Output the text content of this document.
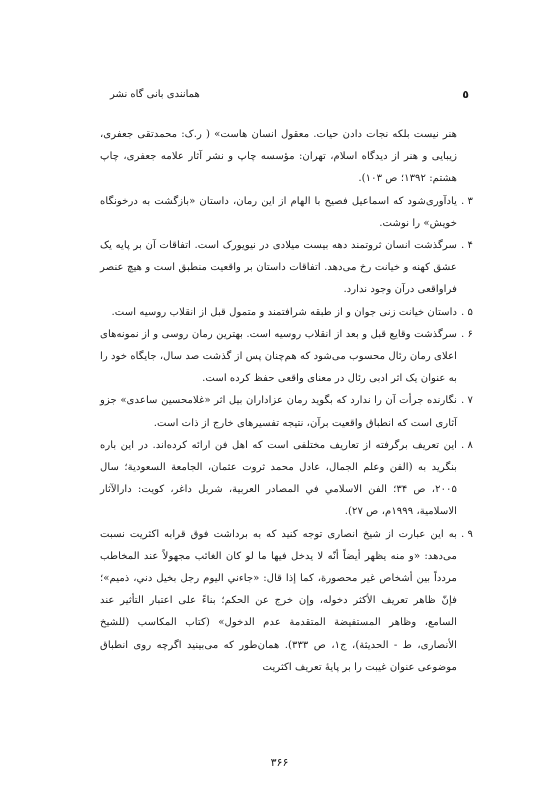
٥
همانندی بانی گاه نشر

هنر نیست بلکه نجات دادن حیات. معقول انسان هاست» ( ر.ک: محمدتقی جعفری، زیبایی و هنر از دیدگاه اسلام، تهران: مؤسسه چاپ و نشر آثار علامه جعفری، چاپ هشتم: ۱۳۹۲؛ ص ۱۰۳).

۳ .
یادآوری‌شود که اسماعیل فصیح با الهام از این رمان، داستان «بازگشت به درخونگاه خویش» را نوشت.

۴ .
سرگذشت انسان ثروتمند دهه بیست میلادی در نیویورک است. اتفاقات آن بر پایه یک عشق کهنه و خیانت رخ می‌دهد. اتفاقات داستان بر واقعیت منطبق است و هیچ عنصر فراواقعی درآن وجود ندارد.

۵ .
داستان خیانت زنی جوان و از طبقه شرافتمند و متمول قبل از انقلاب روسیه است.

۶ .
سرگذشت وقایع قبل و بعد از انقلاب روسیه است. بهترین رمان روسی و از نمونه‌های اعلای رمان رئال محسوب می‌شود که هم‌چنان پس از گذشت صد سال، جایگاه خود را به عنوان یک اثر ادبی رئال در معنای واقعی حفظ کرده است.

۷ .
نگارنده جرأت آن را ندارد که بگوید رمان عزاداران بیل اثر «غلامحسین ساعدی» جزو آثاری است که انطباق واقعیت برآن، نتیجه تفسیرهای خارج از ذات است.

۸ .
این تعریف برگرفته از تعاریف مختلفی است که اهل فن ارائه کرده‌اند. در این باره بنگرید به (الفن وعلم الجمال، عادل محمد ثروت عثمان، الجامعة السعودية؛ سال ۲۰۰۵، ص ۳۴؛ الفن الاسلامي في المصادر العربية، شربل داغر، کویت: دارالآثار الاسلامية، ۱۹۹۹م، ص ۲۷).

۹ .
به این عبارت از شیخ انصاری توجه کنید که به برداشت فوق قرابه اکثریت نسبت می‌دهد: «و منه يظهر أيضاً أنّه لا يدخل فيها ما لو كان الغائب مجهولاً عند المخاطب مردداً بين أشخاص غير محصورة، كما إذا قال: «جاءني اليوم رجل بخيل دني، ذميم»؛ فإنّ ظاهر تعريف الأكثر دخوله، وإن خرج عن الحكم؛ بناءً على اعتبار التأثير عند السامع، وظاهر المستفيضة المتقدمة عدم الدخول» (کتاب المکاسب (للشیخ الأنصاری، ط - الحدیثة)، ج۱، ص ۳۳۳). همان‌طور که می‌بینید اگرچه روی انطباق موضوعی عنوان غیبت را بر پایهٔ تعریف اکثریت

۳۶۶
